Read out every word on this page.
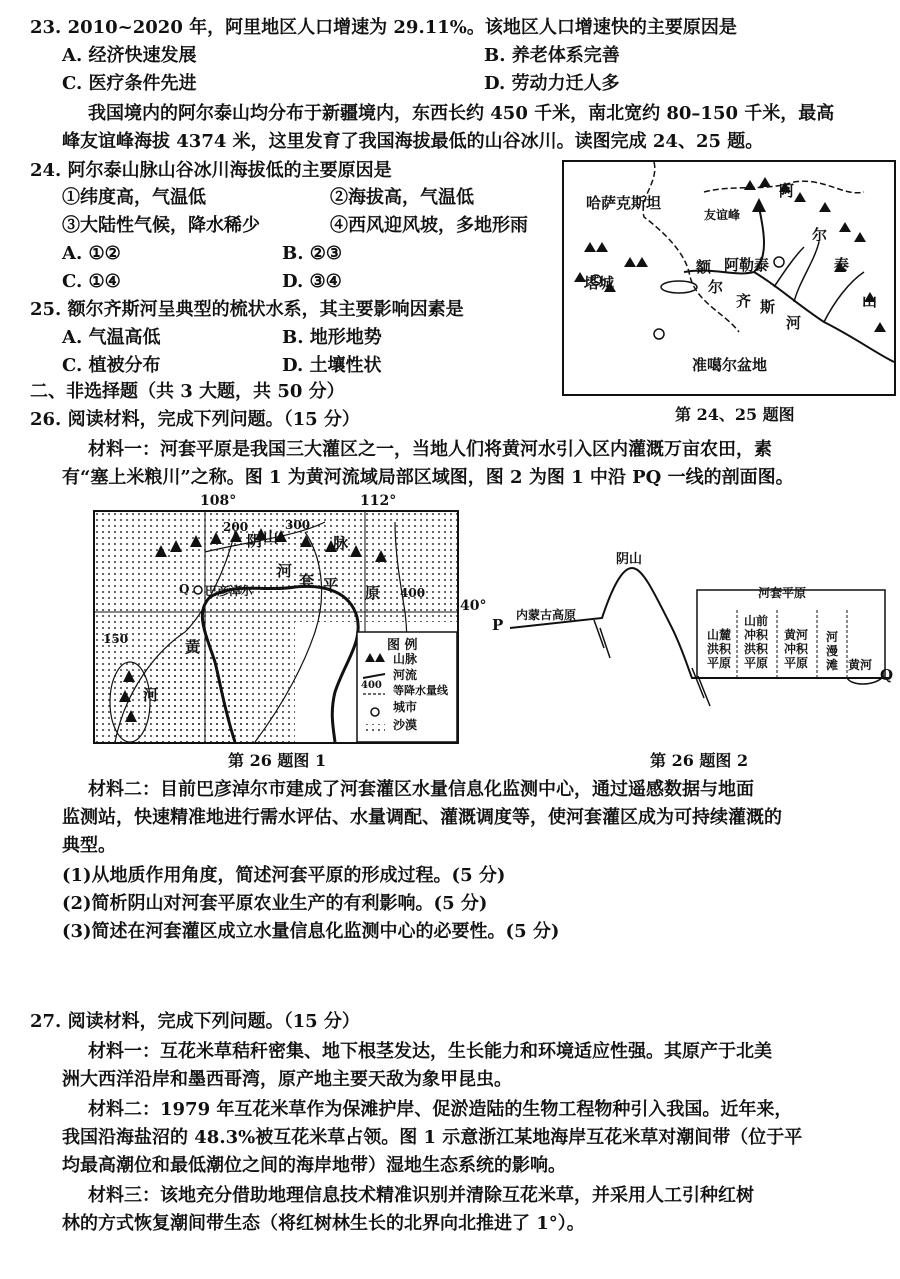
23. 2010~2020 年，阿里地区人口增速为 29.11%。该地区人口增速快的主要原因是
A. 经济快速发展	B. 养老体系完善
C. 医疗条件先进	D. 劳动力迁人多
我国境内的阿尔泰山均分布于新疆境内，东西长约 450 千米，南北宽约 80–150 千米，最高
峰友谊峰海拔 4374 米，这里发育了我国海拔最低的山谷冰川。读图完成 24、25 题。
24. 阿尔泰山脉山谷冰川海拔低的主要原因是
①纬度高，气温低	②海拔高，气温低
③大陆性气候，降水稀少	④西风迎风坡，多地形雨
A. ①②	B. ②③
C. ①④	D. ③④
25. 额尔齐斯河呈典型的梳状水系，其主要影响因素是
A. 气温高低	B. 地形地势
C. 植被分布	D. 土壤性状
二、非选择题（共 3 大题，共 50 分）
哈萨克斯坦
友谊峰
阿
尔
泰
山
额
尔
齐 斯
河
阿勒泰
塔城
准噶尔盆地
第 24、25 题图
26. 阅读材料，完成下列问题。（15 分）
材料一：河套平原是我国三大灌区之一，当地人们将黄河水引入区内灌溉万亩农田，素
有“塞上米粮川”之称。图 1 为黄河流域局部区域图，图 2 为图 1 中沿 PQ 一线的剖面图。
108°	112°
200	300
400
150
阴 山	脉
河
套 平 原
Q 巴彦淖尔
黄
河
图 例
山脉
河流
400 等降水量线
城市
沙漠
40°
第 26 题图 1
P
Q
阴山
内蒙古高原
河套平原
山麓
洪积
平原
山前
冲积
洪积
平原
黄河
冲积
平原
河
漫
滩 黄河
第 26 题图 2
材料二：目前巴彦淖尔市建成了河套灌区水量信息化监测中心，通过遥感数据与地面
监测站，快速精准地进行需水评估、水量调配、灌溉调度等，使河套灌区成为可持续灌溉的
典型。
(1)从地质作用角度，简述河套平原的形成过程。(5 分)
(2)简析阴山对河套平原农业生产的有利影响。(5 分)
(3)简述在河套灌区成立水量信息化监测中心的必要性。(5 分)
27. 阅读材料，完成下列问题。（15 分）
材料一：互花米草秸秆密集、地下根茎发达，生长能力和环境适应性强。其原产于北美
洲大西洋沿岸和墨西哥湾，原产地主要天敌为象甲昆虫。
材料二：1979 年互花米草作为保滩护岸、促淤造陆的生物工程物种引入我国。近年来，
我国沿海盐沼的 48.3%被互花米草占领。图 1 示意浙江某地海岸互花米草对潮间带（位于平
均最高潮位和最低潮位之间的海岸地带）湿地生态系统的影响。
材料三：该地充分借助地理信息技术精准识别并清除互花米草，并采用人工引种红树
林的方式恢复潮间带生态（将红树林生长的北界向北推进了 1°）。
